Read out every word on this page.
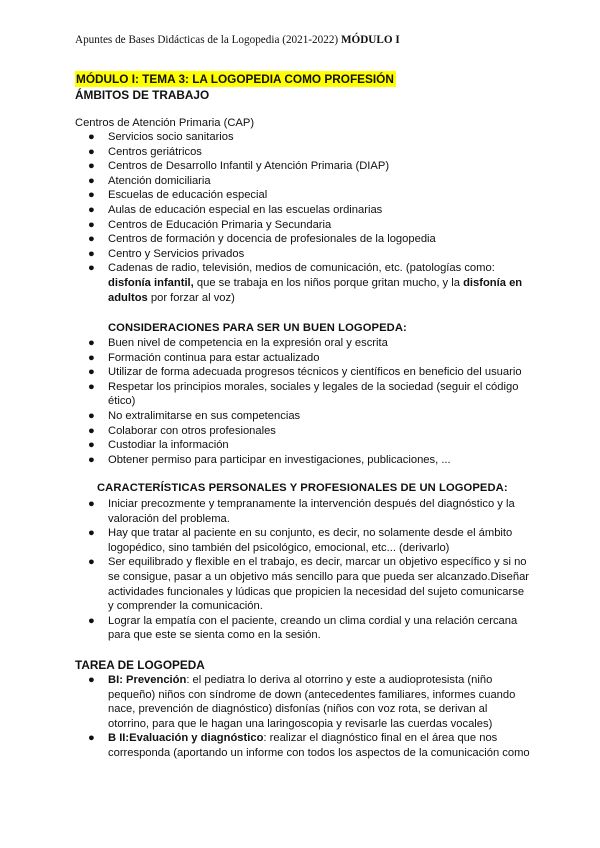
Apuntes de Bases Didácticas de la Logopedia (2021-2022) MÓDULO I
MÓDULO I: TEMA 3: LA LOGOPEDIA COMO PROFESIÓN
ÁMBITOS DE TRABAJO
Centros de Atención Primaria (CAP)
● Servicios socio sanitarios
● Centros geriátricos
● Centros de Desarrollo Infantil y Atención Primaria (DIAP)
● Atención domiciliaria
● Escuelas de educación especial
● Aulas de educación especial en las escuelas ordinarias
● Centros de Educación Primaria y Secundaria
● Centros de formación y docencia de profesionales de la logopedia
● Centro y Servicios privados
● Cadenas de radio, televisión, medios de comunicación, etc. (patologías como:
disfonía infantil, que se trabaja en los niños porque gritan mucho, y la disfonía en
adultos por forzar al voz)
CONSIDERACIONES PARA SER UN BUEN LOGOPEDA:
● Buen nivel de competencia en la expresión oral y escrita
● Formación continua para estar actualizado
● Utilizar de forma adecuada progresos técnicos y científicos en beneficio del usuario
● Respetar los principios morales, sociales y legales de la sociedad (seguir el código
ético)
● No extralimitarse en sus competencias
● Colaborar con otros profesionales
● Custodiar la información
● Obtener permiso para participar en investigaciones, publicaciones, ...
CARACTERÍSTICAS PERSONALES Y PROFESIONALES DE UN LOGOPEDA:
● Iniciar precozmente y tempranamente la intervención después del diagnóstico y la
valoración del problema.
● Hay que tratar al paciente en su conjunto, es decir, no solamente desde el ámbito
logopédico, sino también del psicológico, emocional, etc... (derivarlo)
● Ser equilibrado y flexible en el trabajo, es decir, marcar un objetivo específico y si no
se consigue, pasar a un objetivo más sencillo para que pueda ser alcanzado.Diseñar
actividades funcionales y lúdicas que propicien la necesidad del sujeto comunicarse
y comprender la comunicación.
● Lograr la empatía con el paciente, creando un clima cordial y una relación cercana
para que este se sienta como en la sesión.
TAREA DE LOGOPEDA
● BI: Prevención: el pediatra lo deriva al otorrino y este a audioprotesista (niño
pequeño) niños con síndrome de down (antecedentes familiares, informes cuando
nace, prevención de diagnóstico) disfonías (niños con voz rota, se derivan al
otorrino, para que le hagan una laringoscopia y revisarle las cuerdas vocales)
● B II:Evaluación y diagnóstico: realizar el diagnóstico final en el área que nos
corresponda (aportando un informe con todos los aspectos de la comunicación como
